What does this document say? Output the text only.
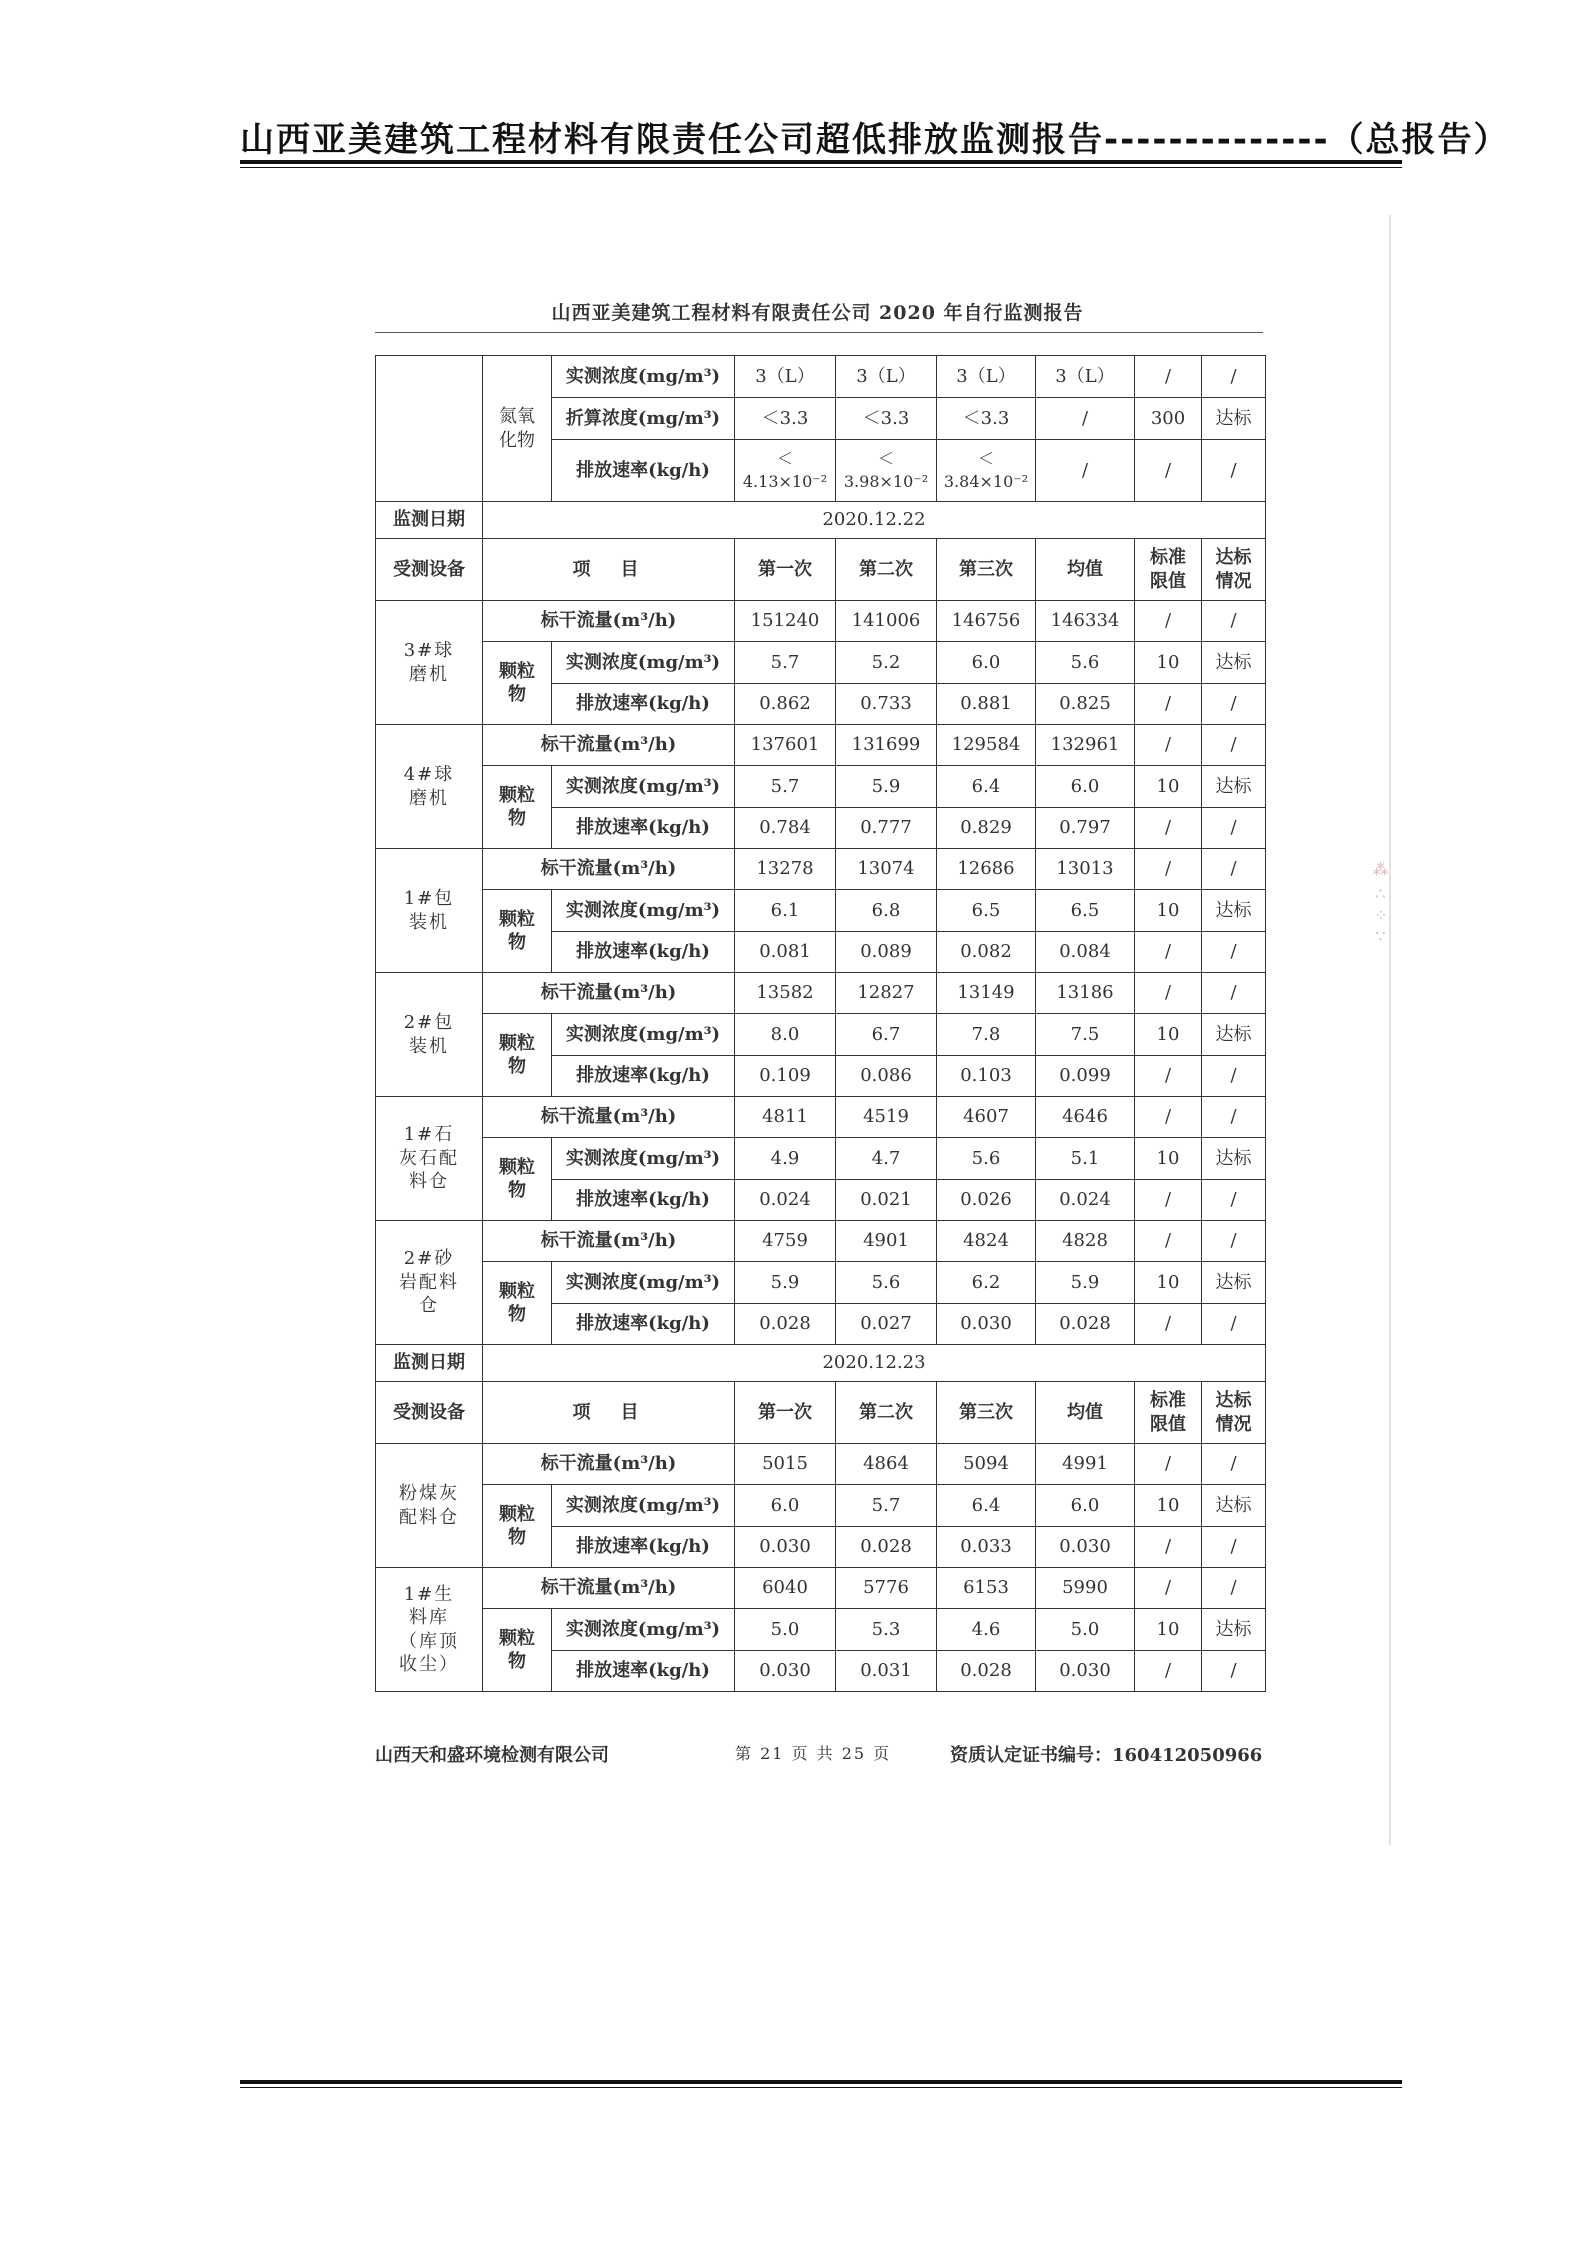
山西亚美建筑工程材料有限责任公司超低排放监测报告--------------（总报告）
⁂ ∴ ⁘ ∵
山西亚美建筑工程材料有限责任公司 2020 年自行监测报告
	氮氧化物	实测浓度(mg/m³)	3（L）	3（L）	3（L）	3（L）	/	/
		折算浓度(mg/m³)	＜3.3	＜3.3	＜3.3	/	300	达标
		排放速率(kg/h)	＜ 4.13×10⁻²	＜ 3.98×10⁻²	＜ 3.84×10⁻²	/	/	/
监测日期	2020.12.22							
受测设备	项　目		第一次	第二次	第三次	均值	标准限值	达标情况
3#球磨机	标干流量(m³/h)		151240	141006	146756	146334	/	/
	颗粒物	实测浓度(mg/m³)	5.7	5.2	6.0	5.6	10	达标
		排放速率(kg/h)	0.862	0.733	0.881	0.825	/	/
4#球磨机	标干流量(m³/h)		137601	131699	129584	132961	/	/
	颗粒物	实测浓度(mg/m³)	5.7	5.9	6.4	6.0	10	达标
		排放速率(kg/h)	0.784	0.777	0.829	0.797	/	/
1#包装机	标干流量(m³/h)		13278	13074	12686	13013	/	/
	颗粒物	实测浓度(mg/m³)	6.1	6.8	6.5	6.5	10	达标
		排放速率(kg/h)	0.081	0.089	0.082	0.084	/	/
2#包装机	标干流量(m³/h)		13582	12827	13149	13186	/	/
	颗粒物	实测浓度(mg/m³)	8.0	6.7	7.8	7.5	10	达标
		排放速率(kg/h)	0.109	0.086	0.103	0.099	/	/
1#石灰石配料仓	标干流量(m³/h)		4811	4519	4607	4646	/	/
	颗粒物	实测浓度(mg/m³)	4.9	4.7	5.6	5.1	10	达标
		排放速率(kg/h)	0.024	0.021	0.026	0.024	/	/
2#砂岩配料仓	标干流量(m³/h)		4759	4901	4824	4828	/	/
	颗粒物	实测浓度(mg/m³)	5.9	5.6	6.2	5.9	10	达标
		排放速率(kg/h)	0.028	0.027	0.030	0.028	/	/
监测日期	2020.12.23							
受测设备	项　目		第一次	第二次	第三次	均值	标准限值	达标情况
粉煤灰配料仓	标干流量(m³/h)		5015	4864	5094	4991	/	/
	颗粒物	实测浓度(mg/m³)	6.0	5.7	6.4	6.0	10	达标
		排放速率(kg/h)	0.030	0.028	0.033	0.030	/	/
1#生料库（库顶收尘）	标干流量(m³/h)		6040	5776	6153	5990	/	/
	颗粒物	实测浓度(mg/m³)	5.0	5.3	4.6	5.0	10	达标
		排放速率(kg/h)	0.030	0.031	0.028	0.030	/	/
山西天和盛环境检测有限公司	第 21 页 共 25 页	资质认定证书编号：160412050966
